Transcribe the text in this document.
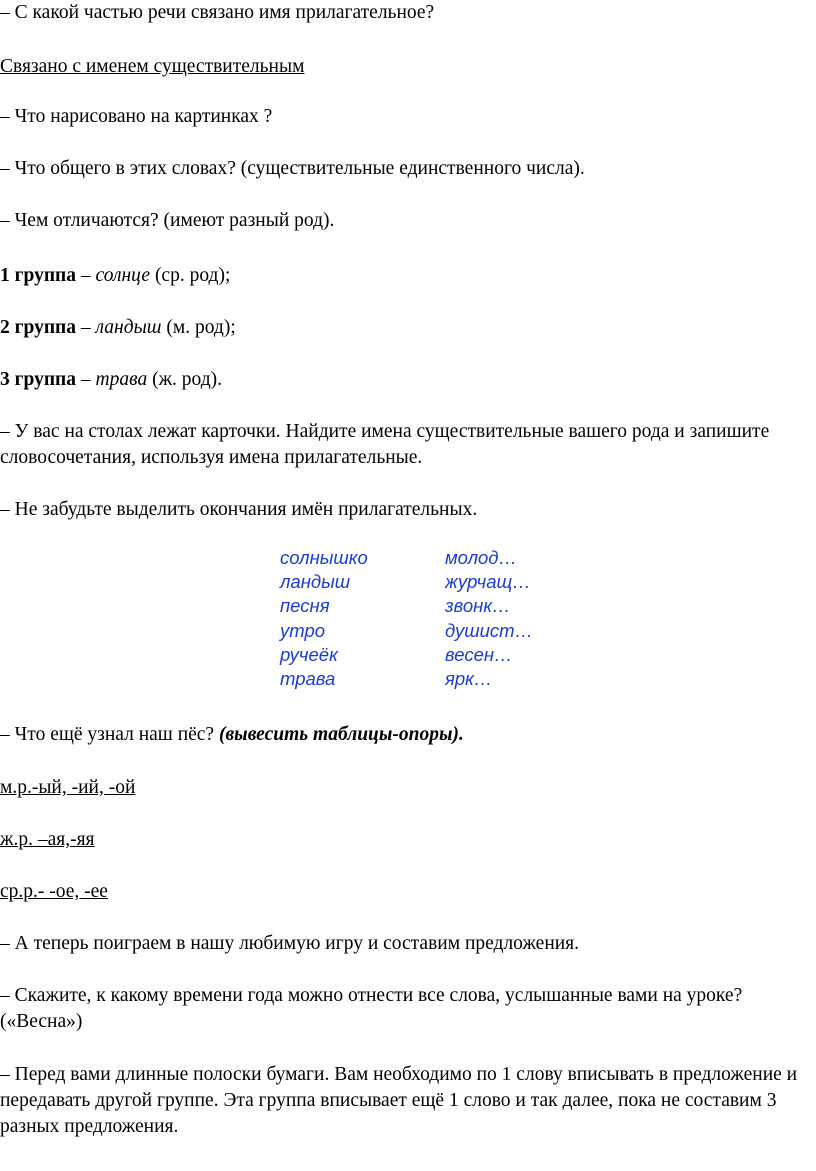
– С какой частью речи связано имя прилагательное?

Связано с именем существительным

– Что нарисовано на картинках ?

– Что общего в этих словах? (существительные единственного числа).

– Чем отличаются? (имеют разный род).

1 группа – солнце (ср. род);

2 группа – ландыш (м. род);

3 группа – трава (ж. род).

– У вас на столах лежат карточки. Найдите имена существительные вашего рода и запишите словосочетания, используя имена прилагательные.

– Не забудьте выделить окончания имён прилагательных.

солнышко
ландыш
песня
утро
ручеёк
трава
молод…
журчащ…
звонк…
душист…
весен…
ярк…

– Что ещё узнал наш пёс? (вывесить таблицы-опоры).

м.р.-ый, -ий, -ой

ж.р. –ая,-яя

ср.р.- -ое, -ее

– А теперь поиграем в нашу любимую игру и составим предложения.

– Скажите, к какому времени года можно отнести все слова, услышанные вами на уроке? («Весна»)

– Перед вами длинные полоски бумаги. Вам необходимо по 1 слову вписывать в предложение и передавать другой группе. Эта группа вписывает ещё 1 слово и так далее, пока не составим 3 разных предложения.
